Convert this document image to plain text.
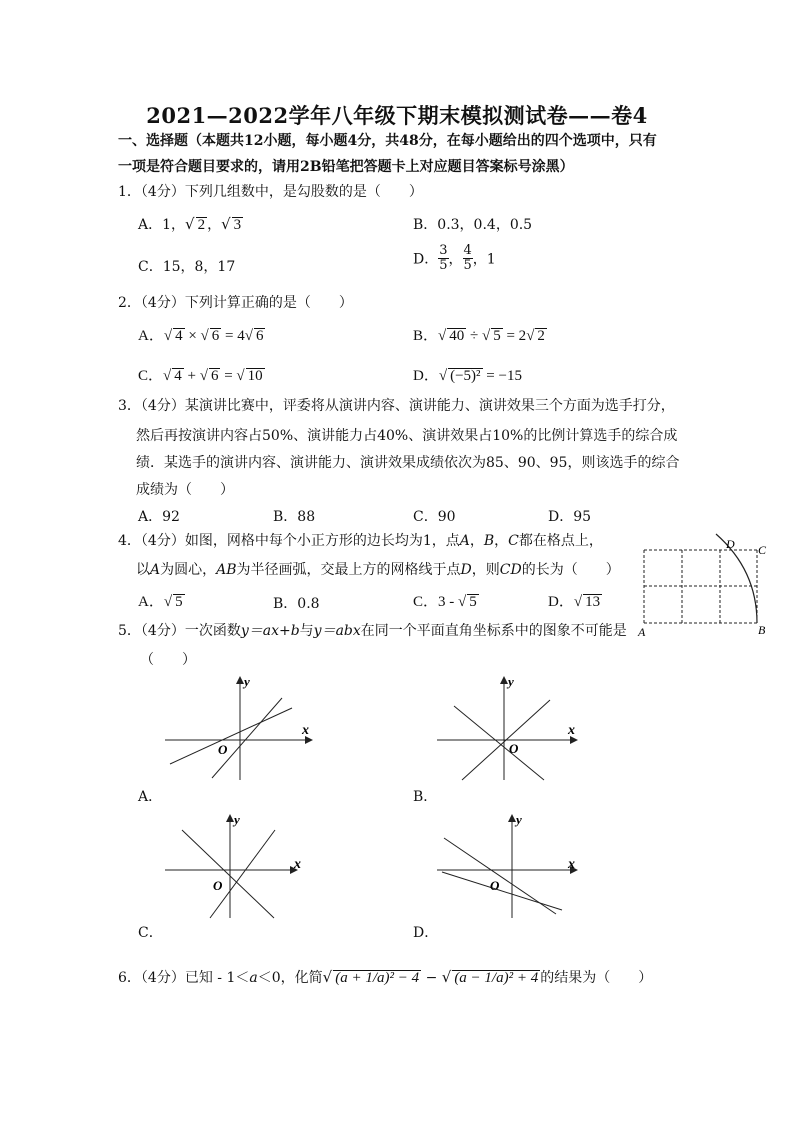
2021—2022学年八年级下期末模拟测试卷——卷4
一、选择题（本题共12小题，每小题4分，共48分，在每小题给出的四个选项中，只有
一项是符合题目要求的，请用2B铅笔把答题卡上对应题目答案标号涂黑）
1．（4分）下列几组数中，是勾股数的是（　　）
A．1，√ 2 ，√ 3	B．0.3，0.4，0.5
C．15，8，17	D． $\frac{3}{5}$ ， $\frac{4}{5}$ ，1
2．（4分）下列计算正确的是（　　）
A．√ 4 × √ 6 = 4√ 6	B．√ 40 ÷ √ 5 = 2√ 2
C．√ 4 + √ 6 = √ 10	D．√ (−5)² = −15
3．（4分）某演讲比赛中，评委将从演讲内容、演讲能力、演讲效果三个方面为选手打分，
然后再按演讲内容占50%、演讲能力占40%、演讲效果占10%的比例计算选手的综合成
绩．某选手的演讲内容、演讲能力、演讲效果成绩依次为85、90、95，则该选手的综合
成绩为（　　）
A．92	B．88	C．90	D．95
4．（4分）如图，网格中每个小正方形的边长均为1，点A，B，C都在格点上，
以A为圆心，AB为半径画弧，交最上方的网格线于点D，则CD的长为（　　）
A．√ 5	B．0.8	C．3 - √ 5	D．√ 13
D C
A	B
5．（4分）一次函数y＝ax+b与y＝abx在同一个平面直角坐标系中的图象不可能是
（　　）
x
y
O
A．
x
y
O
B．
x
y
O
C．
x
y
O
D．
6．（4分）已知 - 1＜a＜0，化简√ (a + 1/a)² − 4 − √ (a − 1/a)² + 4 的结果为（　　）
